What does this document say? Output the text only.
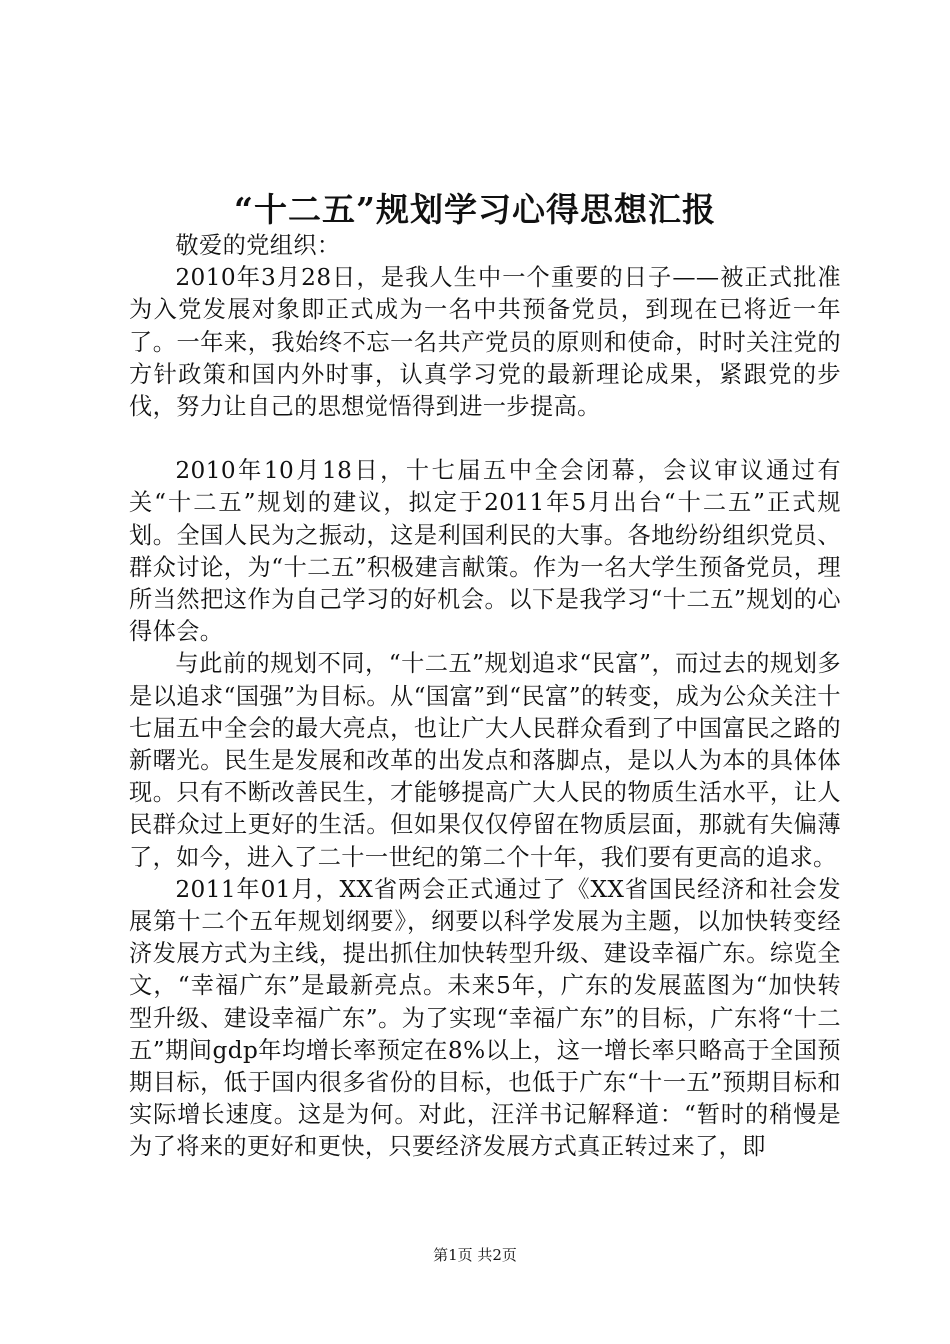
“十二五”规划学习心得思想汇报

敬爱的党组织：

2010年3月28日，是我人生中一个重要的日子——被正式批准为入党发展对象即正式成为一名中共预备党员，到现在已将近一年了。一年来，我始终不忘一名共产党员的原则和使命，时时关注党的方针政策和国内外时事，认真学习党的最新理论成果，紧跟党的步伐，努力让自己的思想觉悟得到进一步提高。

2010年10月18日，十七届五中全会闭幕，会议审议通过有关“十二五”规划的建议，拟定于2011年5月出台“十二五”正式规划。全国人民为之振动，这是利国利民的大事。各地纷纷组织党员、群众讨论，为“十二五”积极建言献策。作为一名大学生预备党员，理所当然把这作为自己学习的好机会。以下是我学习“十二五”规划的心得体会。

与此前的规划不同，“十二五”规划追求“民富”，而过去的规划多是以追求“国强”为目标。从“国富”到“民富”的转变，成为公众关注十七届五中全会的最大亮点，也让广大人民群众看到了中国富民之路的新曙光。民生是发展和改革的出发点和落脚点，是以人为本的具体体现。只有不断改善民生，才能够提高广大人民的物质生活水平，让人民群众过上更好的生活。但如果仅仅停留在物质层面，那就有失偏薄了，如今，进入了二十一世纪的第二个十年，我们要有更高的追求。

2011年01月，XX省两会正式通过了《XX省国民经济和社会发展第十二个五年规划纲要》，纲要以科学发展为主题，以加快转变经济发展方式为主线，提出抓住加快转型升级、建设幸福广东。综览全文，“幸福广东”是最新亮点。未来5年，广东的发展蓝图为“加快转型升级、建设幸福广东”。为了实现“幸福广东”的目标，广东将“十二五”期间gdp年均增长率预定在8%以上，这一增长率只略高于全国预期目标，低于国内很多省份的目标，也低于广东“十一五”预期目标和实际增长速度。这是为何。对此，汪洋书记解释道：“暂时的稍慢是为了将来的更好和更快，只要经济发展方式真正转过来了，即

第1页 共2页
